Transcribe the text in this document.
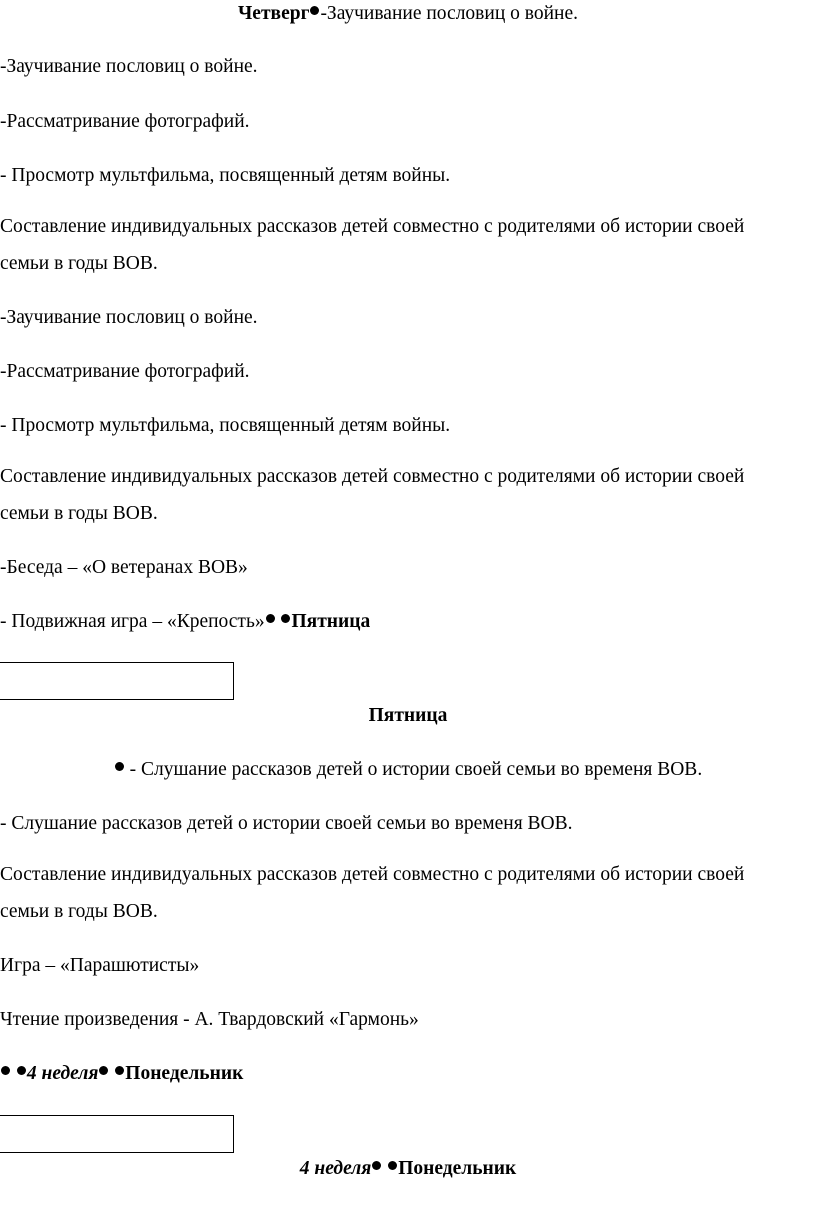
Четверг -Заучивание пословиц о войне.
-Заучивание пословиц о войне.
-Рассматривание фотографий.
- Просмотр мультфильма, посвященный детям войны.
Составление индивидуальных рассказов детей совместно с родителями об истории своей
семьи в годы ВОВ.
-Заучивание пословиц о войне.
-Рассматривание фотографий.
- Просмотр мультфильма, посвященный детям войны.
Составление индивидуальных рассказов детей совместно с родителями об истории своей
семьи в годы ВОВ.
-Беседа – «О ветеранах ВОВ»
- Подвижная игра – «Крепость» Пятница
Пятница
- Слушание рассказов детей о истории своей семьи во временя ВОВ.
- Слушание рассказов детей о истории своей семьи во временя ВОВ.
Составление индивидуальных рассказов детей совместно с родителями об истории своей
семьи в годы ВОВ.
Игра – «Парашютисты»
Чтение произведения - А. Твардовский «Гармонь»
4 неделя Понедельник
4 неделя Понедельник
